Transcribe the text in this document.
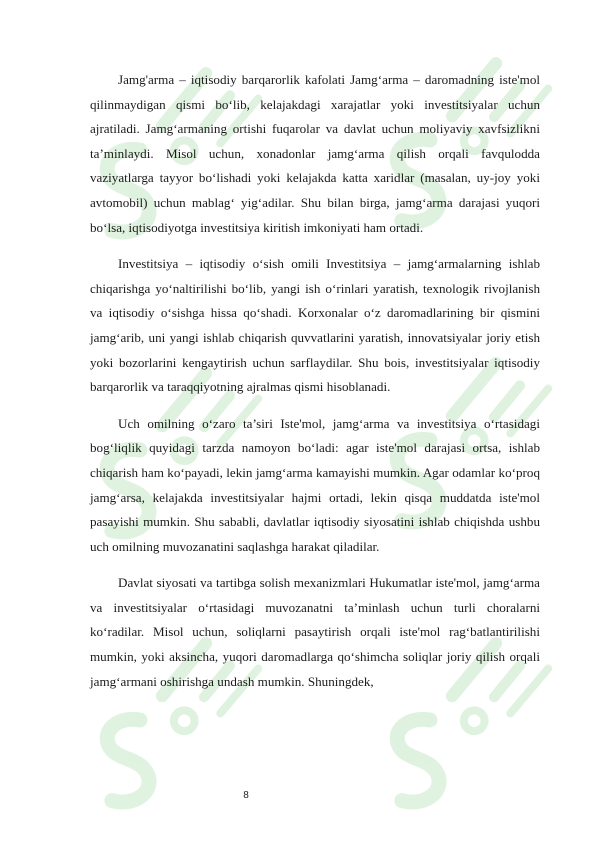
Jamg'arma – iqtisodiy barqarorlik kafolati Jamg‘arma – daromadning iste'mol qilinmaydigan qismi bo‘lib, kelajakdagi xarajatlar yoki investitsiyalar uchun ajratiladi. Jamg‘armaning ortishi fuqarolar va davlat uchun moliyaviy xavfsizlikni ta’minlaydi. Misol uchun, xonadonlar jamg‘arma qilish orqali favqulodda vaziyatlarga tayyor bo‘lishadi yoki kelajakda katta xaridlar (masalan, uy-joy yoki avtomobil) uchun mablag‘ yig‘adilar. Shu bilan birga, jamg‘arma darajasi yuqori bo‘lsa, iqtisodiyotga investitsiya kiritish imkoniyati ham ortadi.

Investitsiya – iqtisodiy o‘sish omili Investitsiya – jamg‘armalarning ishlab chiqarishga yo‘naltirilishi bo‘lib, yangi ish o‘rinlari yaratish, texnologik rivojlanish va iqtisodiy o‘sishga hissa qo‘shadi. Korxonalar o‘z daromadlarining bir qismini jamg‘arib, uni yangi ishlab chiqarish quvvatlarini yaratish, innovatsiyalar joriy etish yoki bozorlarini kengaytirish uchun sarflaydilar. Shu bois, investitsiyalar iqtisodiy barqarorlik va taraqqiyotning ajralmas qismi hisoblanadi.

Uch omilning o‘zaro ta’siri Iste'mol, jamg‘arma va investitsiya o‘rtasidagi bog‘liqlik quyidagi tarzda namoyon bo‘ladi: agar iste'mol darajasi ortsa, ishlab chiqarish ham ko‘payadi, lekin jamg‘arma kamayishi mumkin. Agar odamlar ko‘proq jamg‘arsa, kelajakda investitsiyalar hajmi ortadi, lekin qisqa muddatda iste'mol pasayishi mumkin. Shu sababli, davlatlar iqtisodiy siyosatini ishlab chiqishda ushbu uch omilning muvozanatini saqlashga harakat qiladilar.

Davlat siyosati va tartibga solish mexanizmlari Hukumatlar iste'mol, jamg‘arma va investitsiyalar o‘rtasidagi muvozanatni ta’minlash uchun turli choralarni ko‘radilar. Misol uchun, soliqlarni pasaytirish orqali iste'mol rag‘batlantirilishi mumkin, yoki aksincha, yuqori daromadlarga qo‘shimcha soliqlar joriy qilish orqali jamg‘armani oshirishga undash mumkin. Shuningdek,

8
